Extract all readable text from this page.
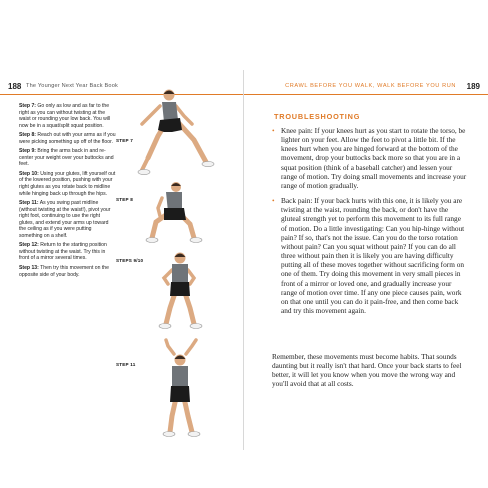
188 The Younger Next Year Back Book
Step 7: Go only as low and as far to the right as you can without twisting at the waist or rounding your low back. You will now be in a squat/split squat position.
Step 8: Reach out with your arms as if you were picking something up off of the floor.
Step 9: Bring the arms back in and re-center your weight over your buttocks and feet.
Step 10: Using your glutes, lift yourself out of the lowered position, pushing with your right glutes as you rotate back to midline while hinging back up through the hips.
Step 11: As you swing past midline (without twisting at the waist!), pivot your right foot, continuing to use the right glutes, and extend your arms up toward the ceiling as if you were putting something on a shelf.
Step 12: Return to the starting position without twisting at the waist. Try this in front of a mirror several times.
Step 13: Then try this movement on the opposite side of your body.
STEP 7
STEP 8
STEPS 9/10
STEP 11
CRAWL BEFORE YOU WALK, WALK BEFORE YOU RUN 189
TROUBLESHOOTING
• Knee pain: If your knees hurt as you start to rotate the torso, be lighter on your feet. Allow the feet to pivot a little bit. If the knees hurt when you are hinged forward at the bottom of the movement, drop your buttocks back more so that you are in a squat position (think of a baseball catcher) and lessen your range of motion. Try doing small movements and increase your range of motion gradually.
• Back pain: If your back hurts with this one, it is likely you are twisting at the waist, rounding the back, or don't have the gluteal strength yet to perform this movement to its full range of motion. Do a little investigating: Can you hip-hinge without pain? If so, that's not the issue. Can you do the torso rotation without pain? Can you squat without pain? If you can do all three without pain then it is likely you are having difficulty putting all of these moves together without sacrificing form on one of them. Try doing this movement in very small pieces in front of a mirror or loved one, and gradually increase your range of motion over time. If any one piece causes pain, work on that one until you can do it pain-free, and then come back and try this movement again.
Remember, these movements must become habits. That sounds daunting but it really isn't that hard. Once your back starts to feel better, it will let you know when you move the wrong way and you'll avoid that at all costs.
